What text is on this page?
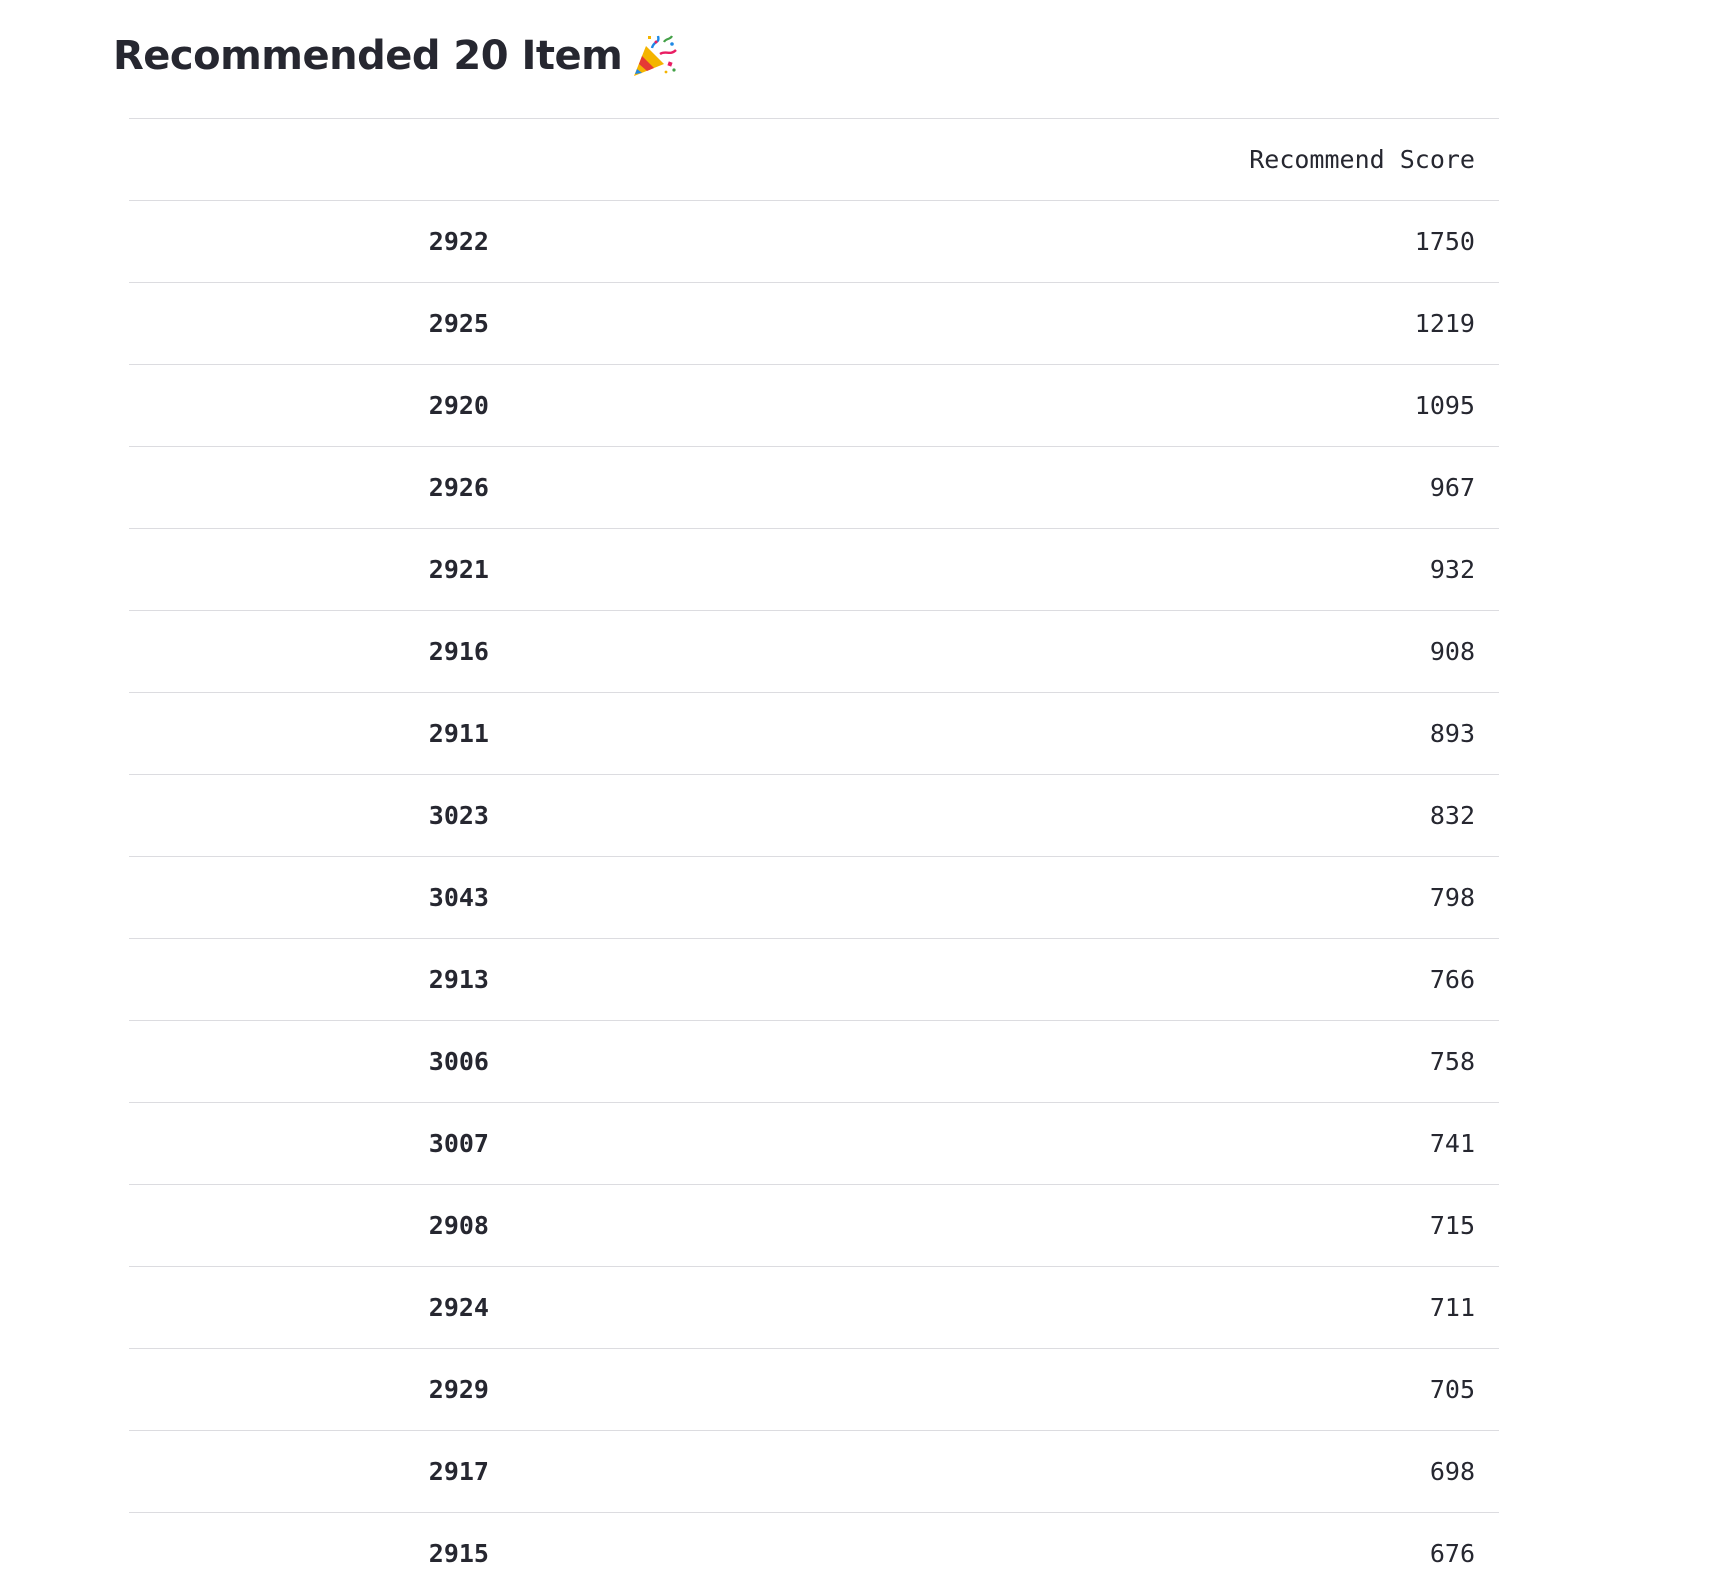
Recommended 20 Item
		Recommend Score
2922		1750
2925		1219
2920		1095
2926		967
2921		932
2916		908
2911		893
3023		832
3043		798
2913		766
3006		758
3007		741
2908		715
2924		711
2929		705
2917		698
2915		676
